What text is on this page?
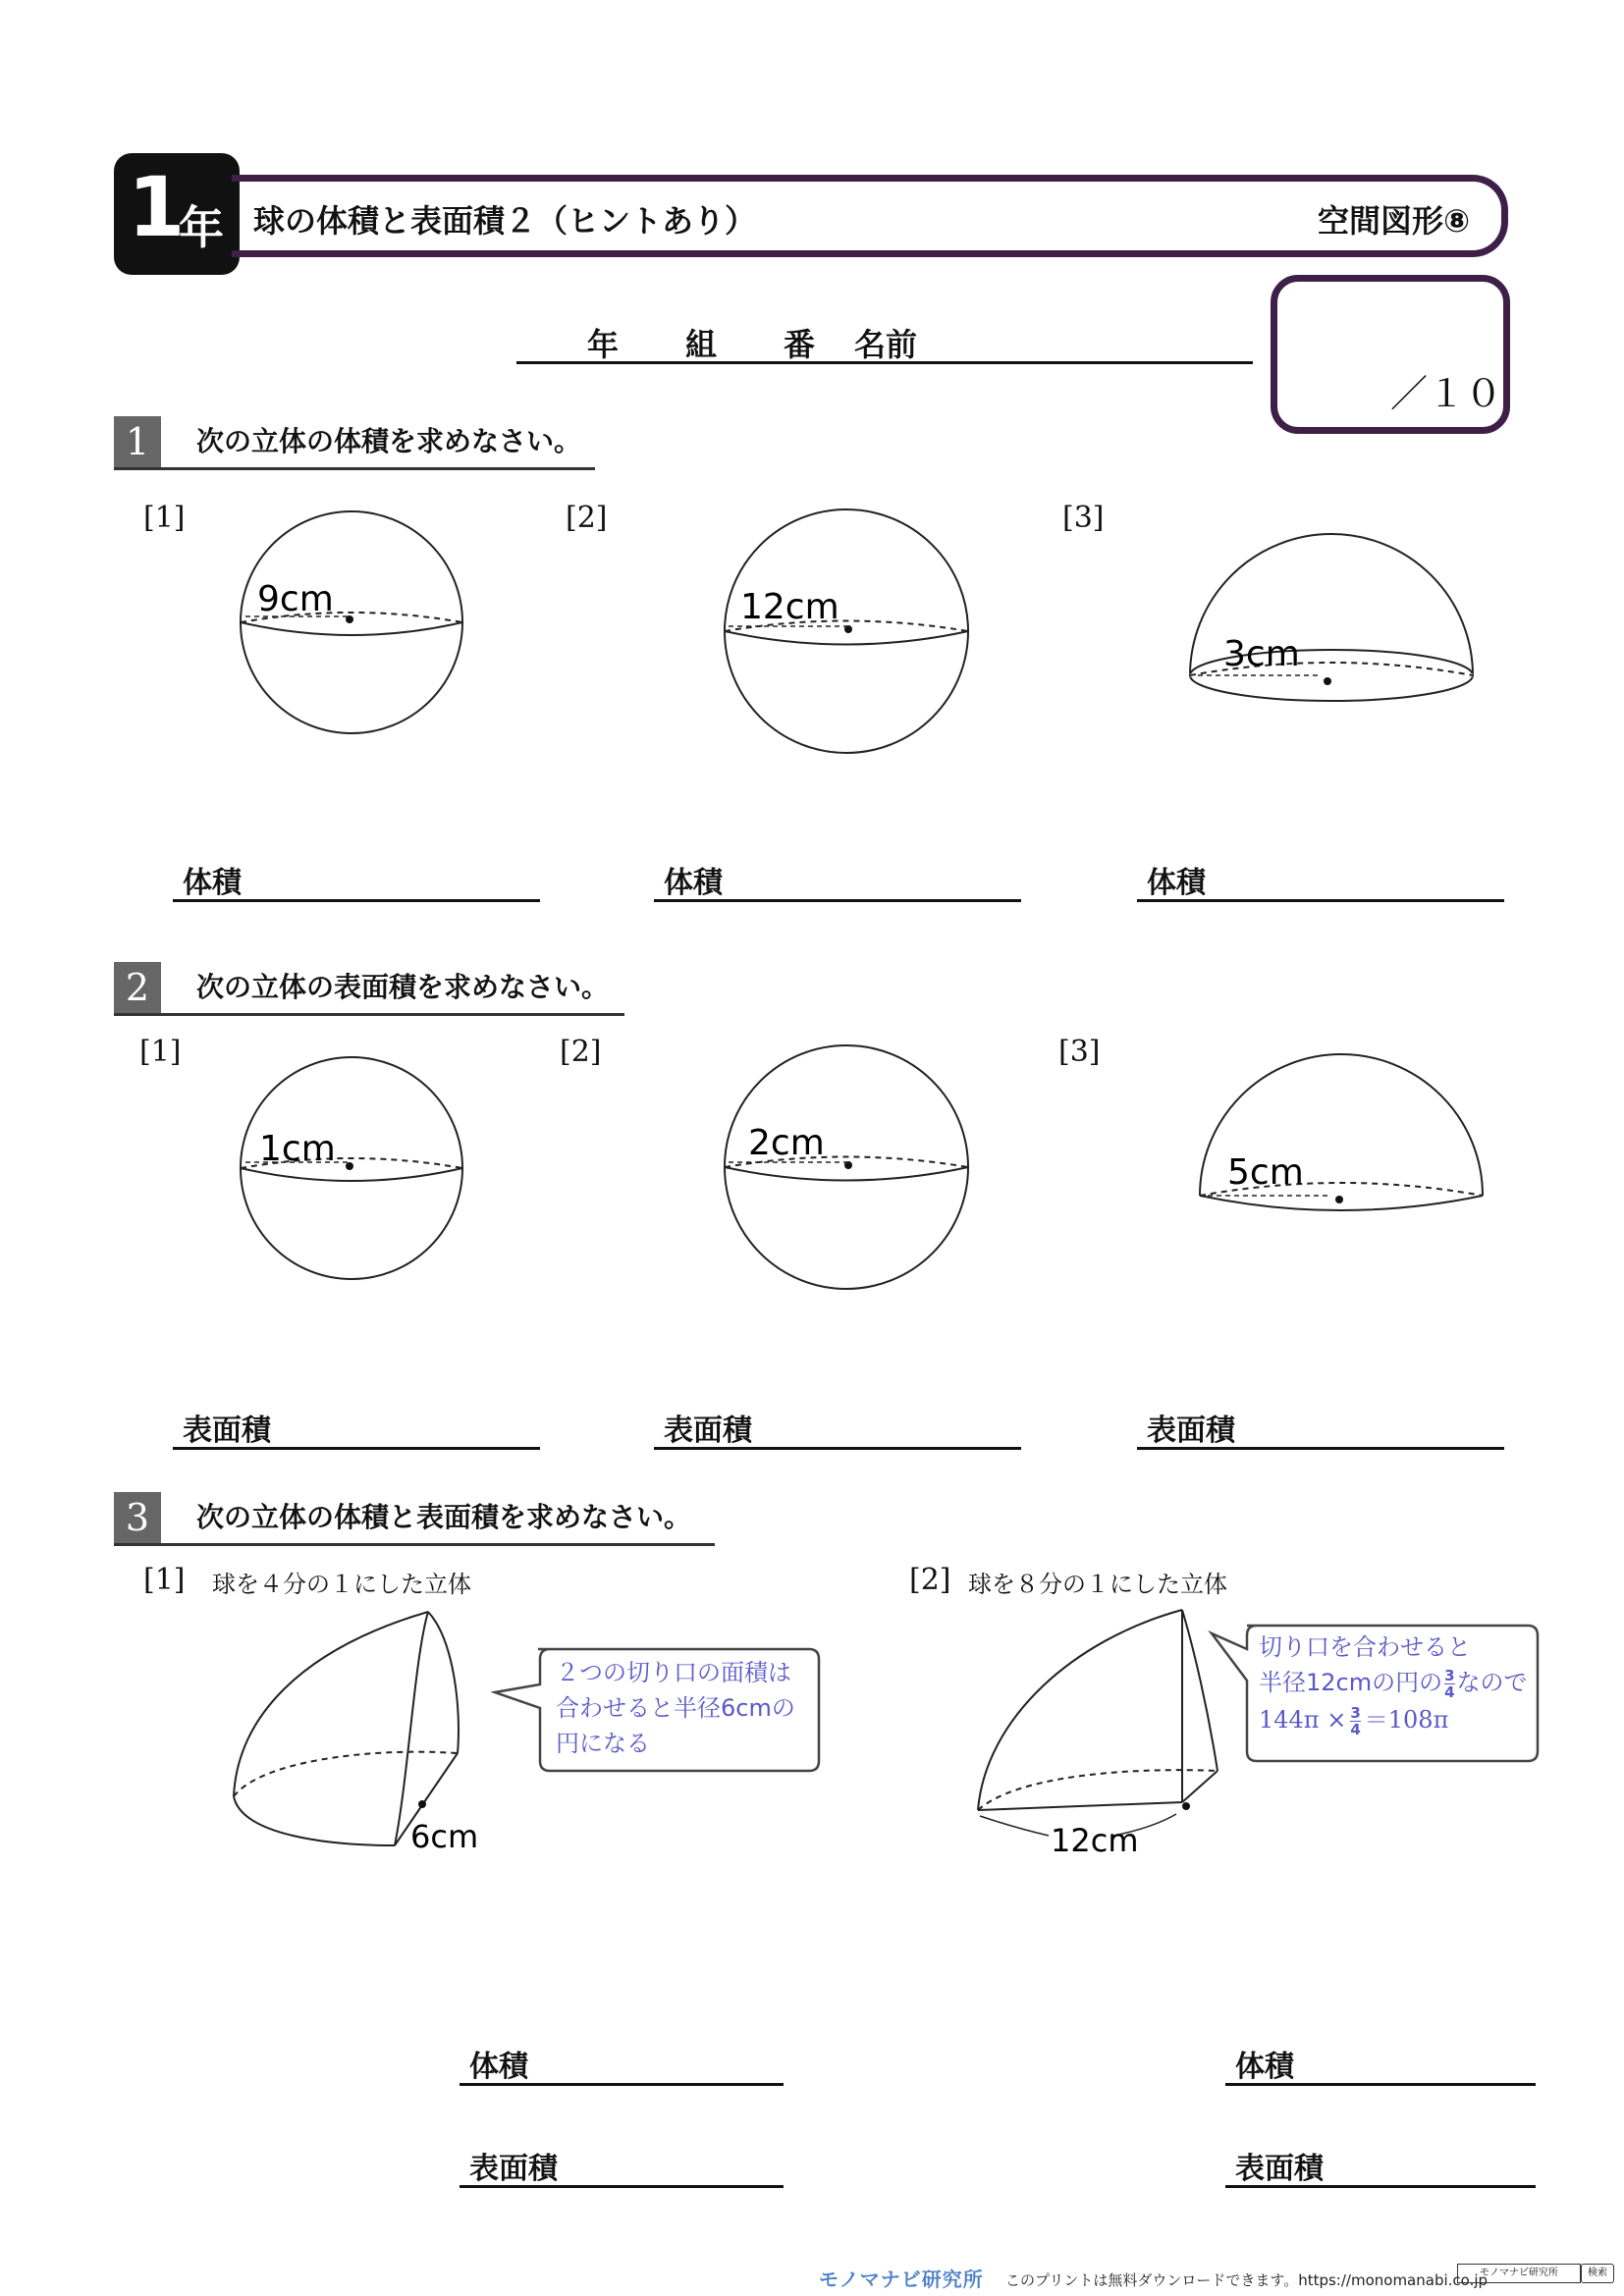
1
年 球の体積と表面積２（ヒントあり）	空間図形⑧
／１０
年 組 番 名前
1	次の立体の体積を求めなさい。
[1]	[2]	[3]
9cm	12cm
3cm
体積	体積	体積
2	次の立体の表面積を求めなさい。
[1]	[2]	[3]
1cm	2cm
5cm
表面積	表面積	表面積
3	次の立体の体積と表面積を求めなさい。
[1] 球を４分の１にした立体	[2] 球を８分の１にした立体
6cm
２つの切り口の面積は
合わせると半径6cmの
円になる
12cm
切り口を合わせると
半径12cmの円の $\frac{3}{4}$ なので
$144\pi \times \frac{3}{4} =108\pi$
体積
表面積
体積
表面積
モノマナビ研究所 このプリントは無料ダウンロードできます。https://monomanabi.co.jp
モノマナビ研究所	検索
